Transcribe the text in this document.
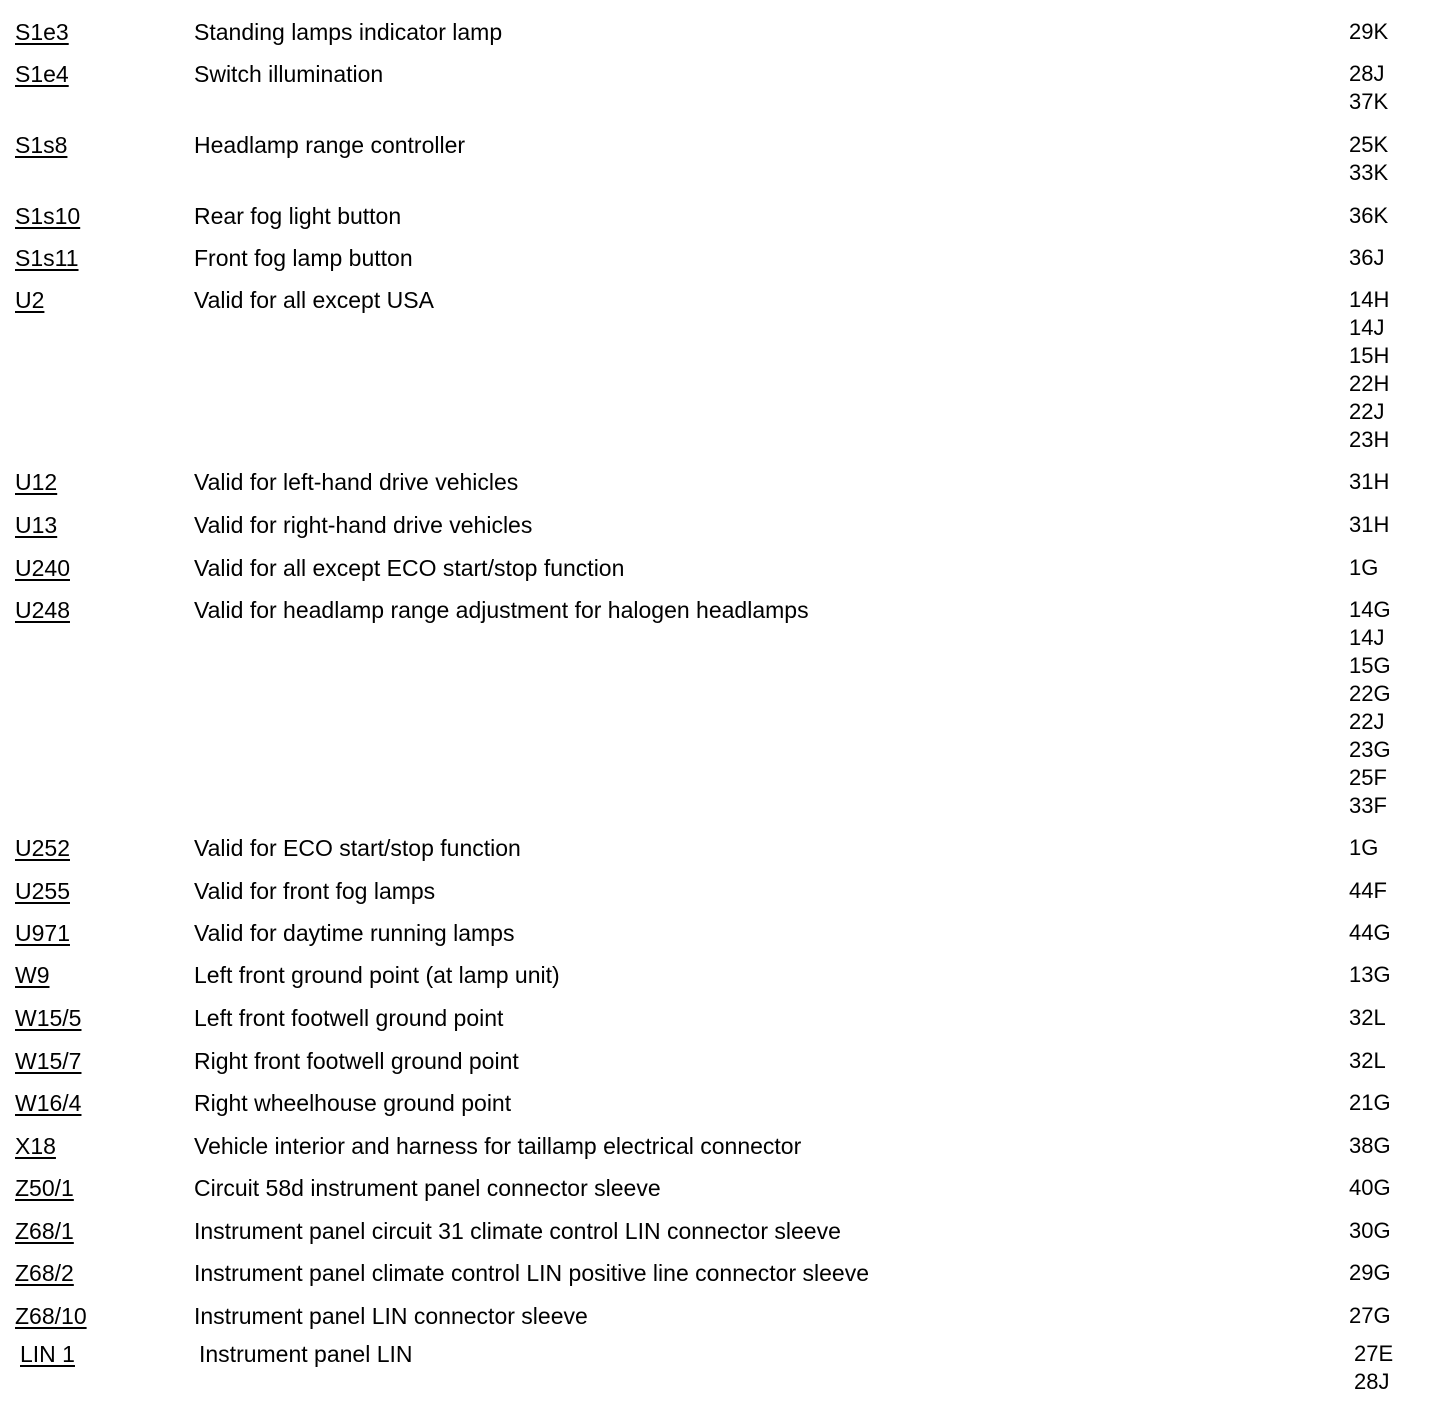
S1e3	Standing lamps indicator lamp	29K
S1e4	Switch illumination	28J
37K
S1s8	Headlamp range controller	25K
33K
S1s10	Rear fog light button	36K
S1s11	Front fog lamp button	36J
U2	Valid for all except USA	14H
14J
15H
22H
22J
23H
U12	Valid for left-hand drive vehicles	31H
U13	Valid for right-hand drive vehicles	31H
U240	Valid for all except ECO start/stop function	1G
U248	Valid for headlamp range adjustment for halogen headlamps	14G
14J
15G
22G
22J
23G
25F
33F
U252	Valid for ECO start/stop function	1G
U255	Valid for front fog lamps	44F
U971	Valid for daytime running lamps	44G
W9	Left front ground point (at lamp unit)	13G
W15/5	Left front footwell ground point	32L
W15/7	Right front footwell ground point	32L
W16/4	Right wheelhouse ground point	21G
X18	Vehicle interior and harness for taillamp electrical connector	38G
Z50/1	Circuit 58d instrument panel connector sleeve	40G
Z68/1	Instrument panel circuit 31 climate control LIN connector sleeve	30G
Z68/2	Instrument panel climate control LIN positive line connector sleeve	29G
Z68/10	Instrument panel LIN connector sleeve	27G
LIN 1	Instrument panel LIN	27E
28J
